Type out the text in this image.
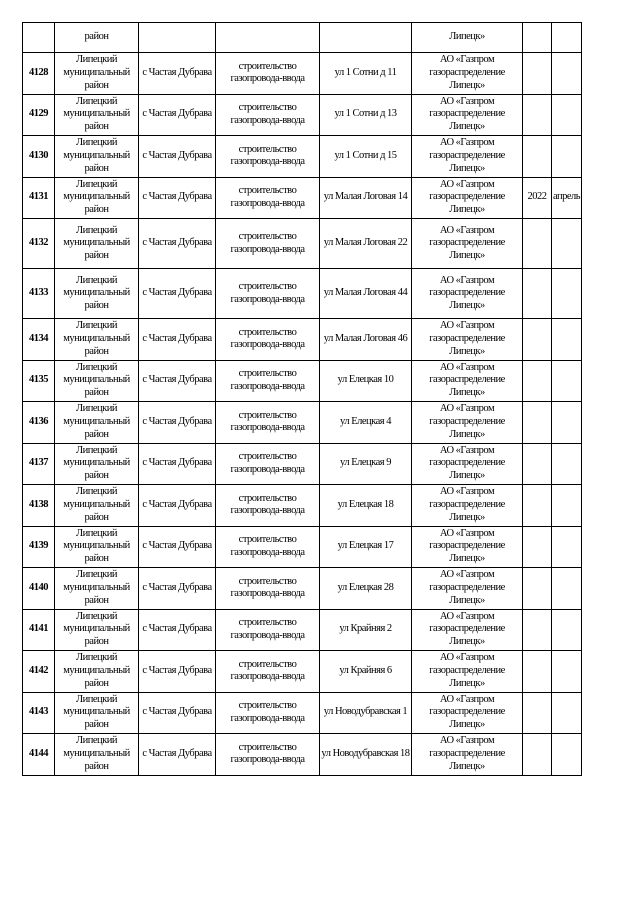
	район				Липецк»		
4128	Липецкий муниципальный район	с Частая Дубрава	строительство газопровода-ввода	ул 1 Сотни д 11	АО «Газпром газораспределение Липецк»		
4129	Липецкий муниципальный район	с Частая Дубрава	строительство газопровода-ввода	ул 1 Сотни д 13	АО «Газпром газораспределение Липецк»		
4130	Липецкий муниципальный район	с Частая Дубрава	строительство газопровода-ввода	ул 1 Сотни д 15	АО «Газпром газораспределение Липецк»		
4131	Липецкий муниципальный район	с Частая Дубрава	строительство газопровода-ввода	ул Малая Логовая 14	АО «Газпром газораспределение Липецк»	2022	апрель
4132	Липецкий муниципальный район	с Частая Дубрава	строительство газопровода-ввода	ул Малая Логовая 22	АО «Газпром газораспределение Липецк»		
4133	Липецкий муниципальный район	с Частая Дубрава	строительство газопровода-ввода	ул Малая Логовая 44	АО «Газпром газораспределение Липецк»		
4134	Липецкий муниципальный район	с Частая Дубрава	строительство газопровода-ввода	ул Малая Логовая 46	АО «Газпром газораспределение Липецк»		
4135	Липецкий муниципальный район	с Частая Дубрава	строительство газопровода-ввода	ул Елецкая 10	АО «Газпром газораспределение Липецк»		
4136	Липецкий муниципальный район	с Частая Дубрава	строительство газопровода-ввода	ул Елецкая 4	АО «Газпром газораспределение Липецк»		
4137	Липецкий муниципальный район	с Частая Дубрава	строительство газопровода-ввода	ул Елецкая 9	АО «Газпром газораспределение Липецк»		
4138	Липецкий муниципальный район	с Частая Дубрава	строительство газопровода-ввода	ул Елецкая 18	АО «Газпром газораспределение Липецк»		
4139	Липецкий муниципальный район	с Частая Дубрава	строительство газопровода-ввода	ул Елецкая 17	АО «Газпром газораспределение Липецк»		
4140	Липецкий муниципальный район	с Частая Дубрава	строительство газопровода-ввода	ул Елецкая 28	АО «Газпром газораспределение Липецк»		
4141	Липецкий муниципальный район	с Частая Дубрава	строительство газопровода-ввода	ул Крайняя 2	АО «Газпром газораспределение Липецк»		
4142	Липецкий муниципальный район	с Частая Дубрава	строительство газопровода-ввода	ул Крайняя 6	АО «Газпром газораспределение Липецк»		
4143	Липецкий муниципальный район	с Частая Дубрава	строительство газопровода-ввода	ул Новодубравская 1	АО «Газпром газораспределение Липецк»		
4144	Липецкий муниципальный район	с Частая Дубрава	строительство газопровода-ввода	ул Новодубравская 18	АО «Газпром газораспределение Липецк»		
